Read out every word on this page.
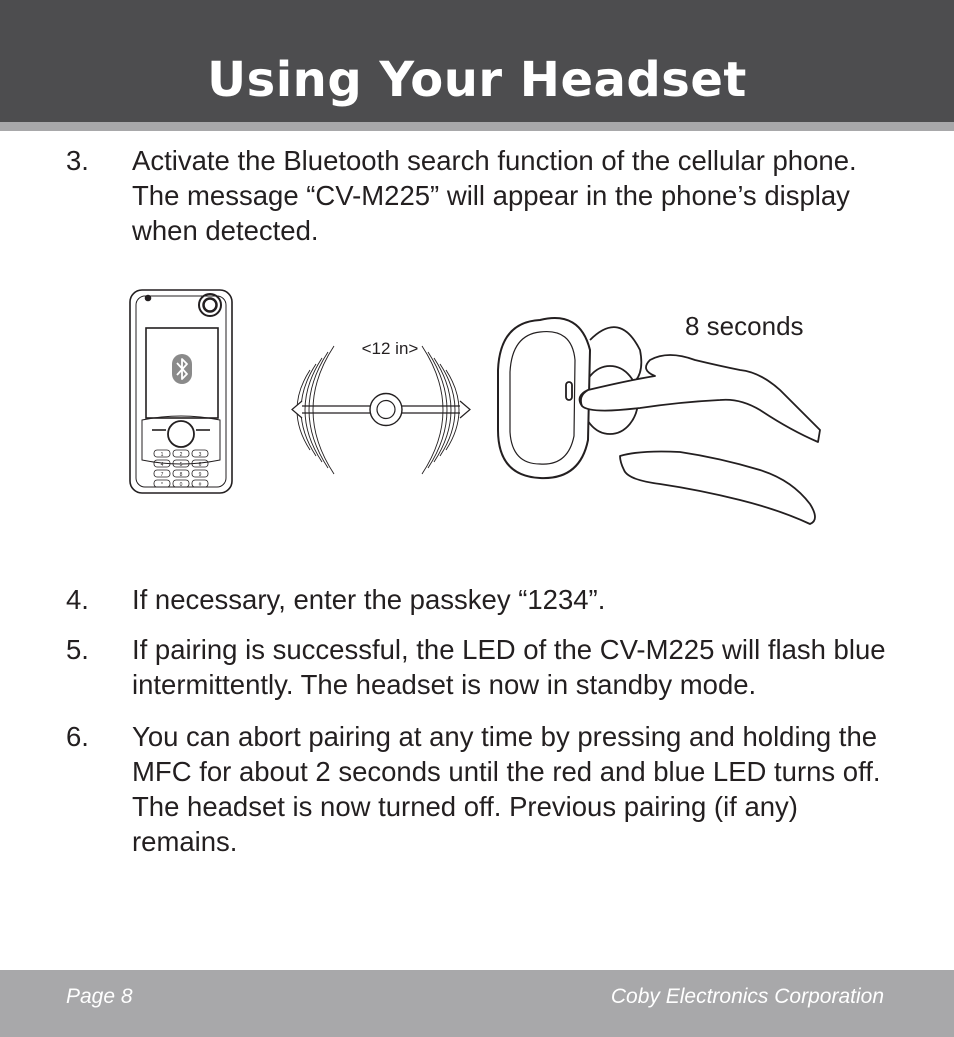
Using Your Headset
3. Activate the Bluetooth search function of the cellular phone. The message “CV-M225” will appear in the phone’s display when detected.
1	2	3
4	5	6
7	8	9
*	0	#
<12 in>
8 seconds
4. If necessary, enter the passkey “1234”.
5. If pairing is successful, the LED of the CV-M225 will flash blue intermittently. The headset is now in standby mode.
6. You can abort pairing at any time by pressing and holding the MFC for about 2 seconds until the red and blue LED turns off. The headset is now turned off. Previous pairing (if any) remains.
Page 8	Coby Electronics Corporation
